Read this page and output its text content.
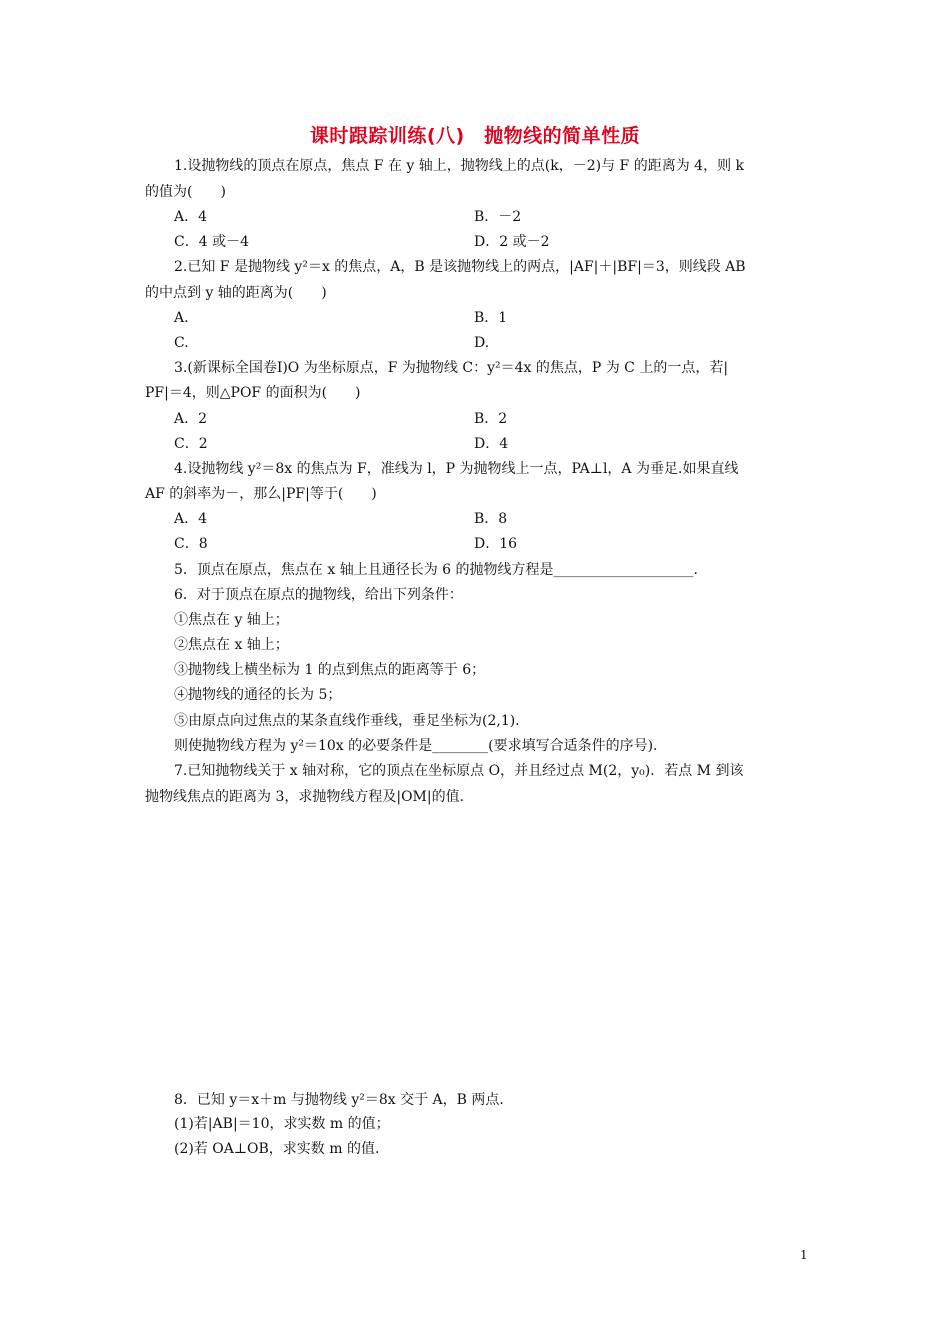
课时跟踪训练(八)　抛物线的简单性质
1.设抛物线的顶点在原点，焦点 F 在 y 轴上，抛物线上的点(k，－2)与 F 的距离为 4，则 k
的值为(　　)
A．4	B．－2
C．4 或－4	D．2 或－2
2.已知 F 是抛物线 y²＝x 的焦点，A，B 是该抛物线上的两点，|AF|＋|BF|＝3，则线段 AB
的中点到 y 轴的距离为(　　)
A.	B．1
C.	D.
3.(新课标全国卷Ⅰ)O 为坐标原点，F 为抛物线 C：y²＝4x 的焦点，P 为 C 上的一点，若|
PF|＝4，则△POF 的面积为(　　)
A．2	B．2
C．2	D．4
4.设抛物线 y²＝8x 的焦点为 F，准线为 l，P 为抛物线上一点，PA⊥l，A 为垂足.如果直线
AF 的斜率为－，那么|PF|等于(　　)
A．4	B．8
C．8	D．16
5．顶点在原点，焦点在 x 轴上且通径长为 6 的抛物线方程是____________________.
6．对于顶点在原点的抛物线，给出下列条件：
①焦点在 y 轴上；
②焦点在 x 轴上；
③抛物线上横坐标为 1 的点到焦点的距离等于 6；
④抛物线的通径的长为 5；
⑤由原点向过焦点的某条直线作垂线，垂足坐标为(2,1).
则使抛物线方程为 y²＝10x 的必要条件是________(要求填写合适条件的序号).
7.已知抛物线关于 x 轴对称，它的顶点在坐标原点 O，并且经过点 M(2，y₀)．若点 M 到该
抛物线焦点的距离为 3，求抛物线方程及|OM|的值.
8．已知 y＝x＋m 与抛物线 y²＝8x 交于 A，B 两点.
(1)若|AB|＝10，求实数 m 的值；
(2)若 OA⊥OB，求实数 m 的值.
1
